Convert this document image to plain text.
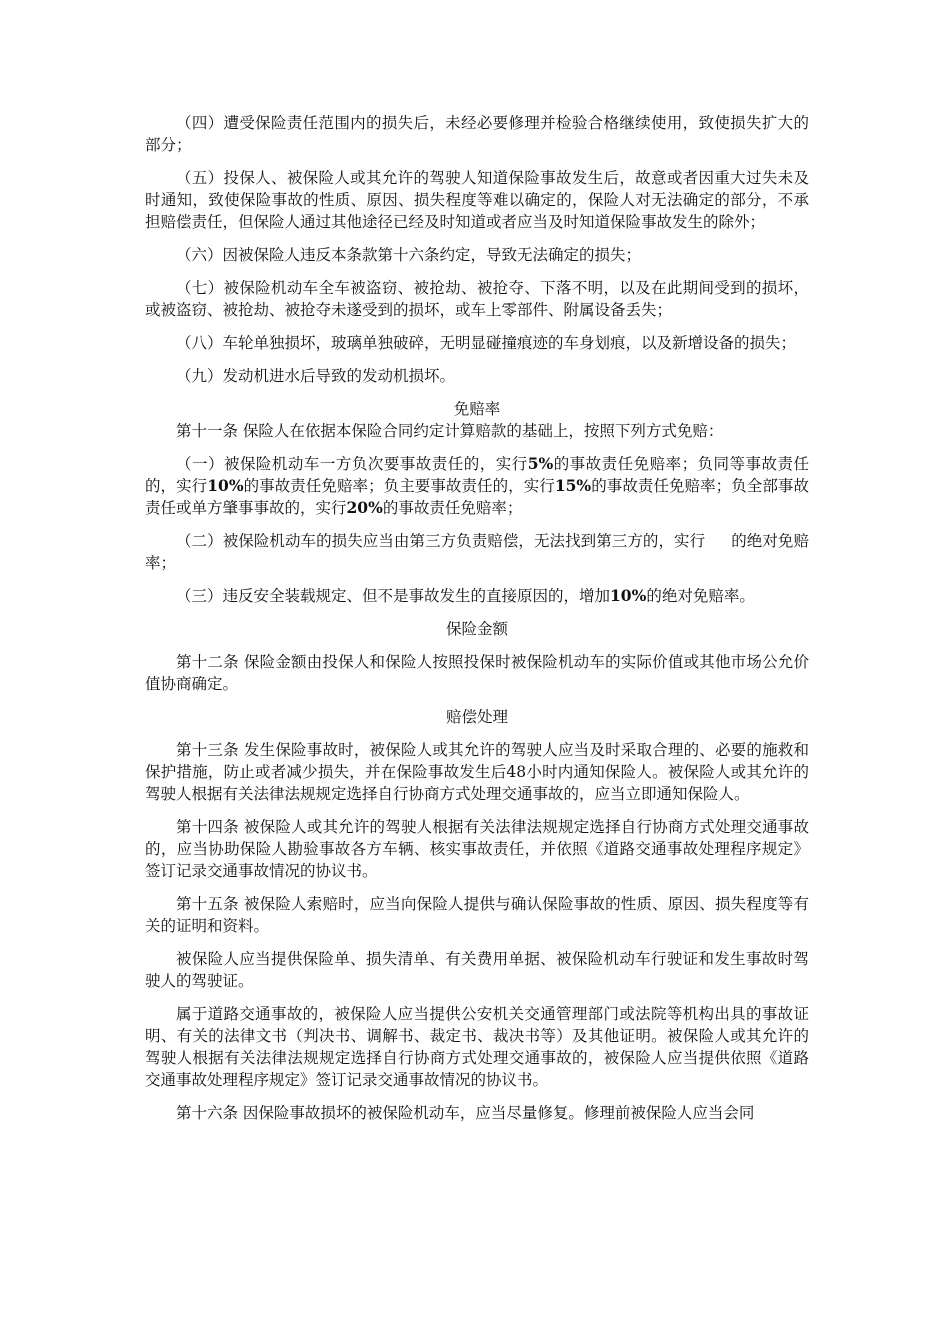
（四）遭受保险责任范围内的损失后，未经必要修理并检验合格继续使用，致使损失扩大的部分；

（五）投保人、被保险人或其允许的驾驶人知道保险事故发生后，故意或者因重大过失未及时通知，致使保险事故的性质、原因、损失程度等难以确定的，保险人对无法确定的部分，不承担赔偿责任，但保险人通过其他途径已经及时知道或者应当及时知道保险事故发生的除外；

（六）因被保险人违反本条款第十六条约定，导致无法确定的损失；

（七）被保险机动车全车被盗窃、被抢劫、被抢夺、下落不明，以及在此期间受到的损坏，或被盗窃、被抢劫、被抢夺未遂受到的损坏，或车上零部件、附属设备丢失；

（八）车轮单独损坏，玻璃单独破碎，无明显碰撞痕迹的车身划痕，以及新增设备的损失；

（九）发动机进水后导致的发动机损坏。

免赔率

第十一条 保险人在依据本保险合同约定计算赔款的基础上，按照下列方式免赔：

（一）被保险机动车一方负次要事故责任的，实行5%的事故责任免赔率；负同等事故责任的，实行10%的事故责任免赔率；负主要事故责任的，实行15%的事故责任免赔率；负全部事故责任或单方肇事事故的，实行20%的事故责任免赔率；

（二）被保险机动车的损失应当由第三方负责赔偿，无法找到第三方的，实行 的绝对免赔率；

（三）违反安全装载规定、但不是事故发生的直接原因的，增加10%的绝对免赔率。

保险金额

第十二条 保险金额由投保人和保险人按照投保时被保险机动车的实际价值或其他市场公允价值协商确定。

赔偿处理

第十三条 发生保险事故时，被保险人或其允许的驾驶人应当及时采取合理的、必要的施救和保护措施，防止或者减少损失，并在保险事故发生后48小时内通知保险人。被保险人或其允许的驾驶人根据有关法律法规规定选择自行协商方式处理交通事故的，应当立即通知保险人。

第十四条 被保险人或其允许的驾驶人根据有关法律法规规定选择自行协商方式处理交通事故的，应当协助保险人勘验事故各方车辆、核实事故责任，并依照《道路交通事故处理程序规定》签订记录交通事故情况的协议书。

第十五条 被保险人索赔时，应当向保险人提供与确认保险事故的性质、原因、损失程度等有关的证明和资料。

被保险人应当提供保险单、损失清单、有关费用单据、被保险机动车行驶证和发生事故时驾驶人的驾驶证。

属于道路交通事故的，被保险人应当提供公安机关交通管理部门或法院等机构出具的事故证明、有关的法律文书（判决书、调解书、裁定书、裁决书等）及其他证明。被保险人或其允许的驾驶人根据有关法律法规规定选择自行协商方式处理交通事故的，被保险人应当提供依照《道路交通事故处理程序规定》签订记录交通事故情况的协议书。

第十六条 因保险事故损坏的被保险机动车，应当尽量修复。修理前被保险人应当会同
